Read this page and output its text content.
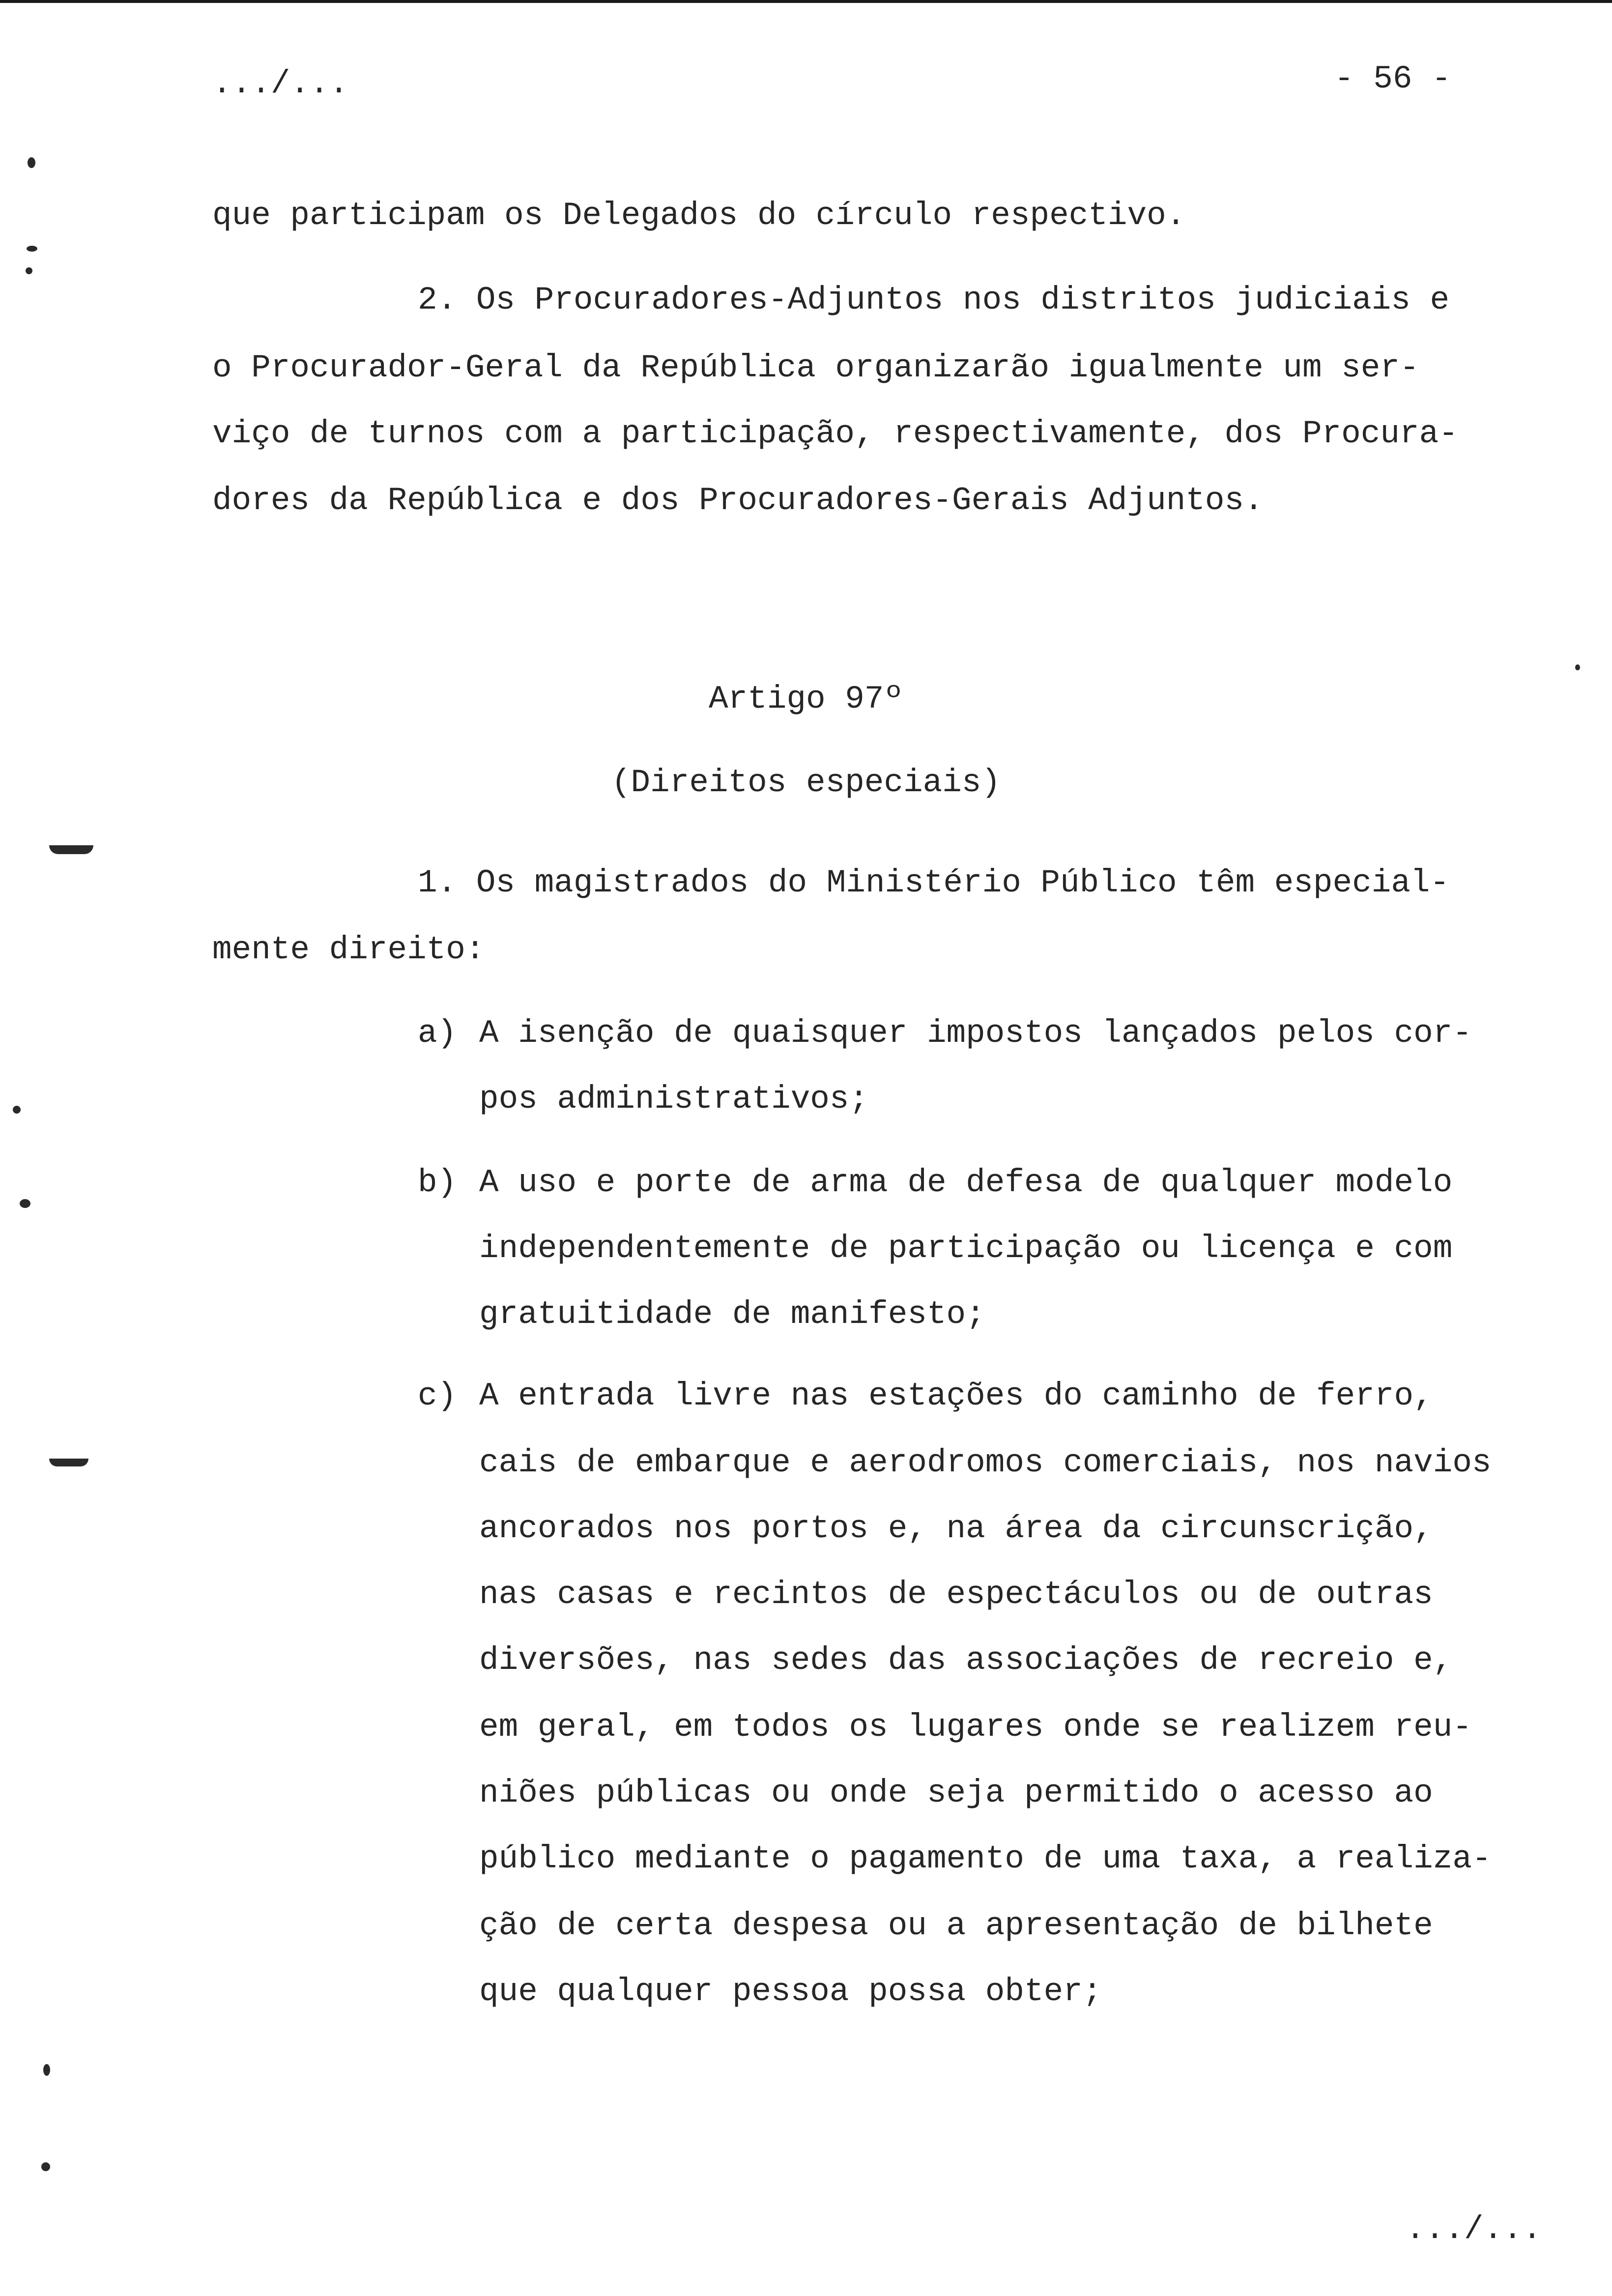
.../...	- 56 -
que participam os Delegados do círculo respectivo.
2. Os Procuradores-Adjuntos nos distritos judiciais e
o Procurador-Geral da República organizarão igualmente um ser-
viço de turnos com a participação, respectivamente, dos Procura-
dores da República e dos Procuradores-Gerais Adjuntos.
Artigo 97º
(Direitos especiais)
1. Os magistrados do Ministério Público têm especial-
mente direito:
a) A isenção de quaisquer impostos lançados pelos cor-
pos administrativos;
b) A uso e porte de arma de defesa de qualquer modelo
independentemente de participação ou licença e com
gratuitidade de manifesto;
c) A entrada livre nas estações do caminho de ferro,
cais de embarque e aerodromos comerciais, nos navios
ancorados nos portos e, na área da circunscrição,
nas casas e recintos de espectáculos ou de outras
diversões, nas sedes das associações de recreio e,
em geral, em todos os lugares onde se realizem reu-
niões públicas ou onde seja permitido o acesso ao
público mediante o pagamento de uma taxa, a realiza-
ção de certa despesa ou a apresentação de bilhete
que qualquer pessoa possa obter;
.../...
